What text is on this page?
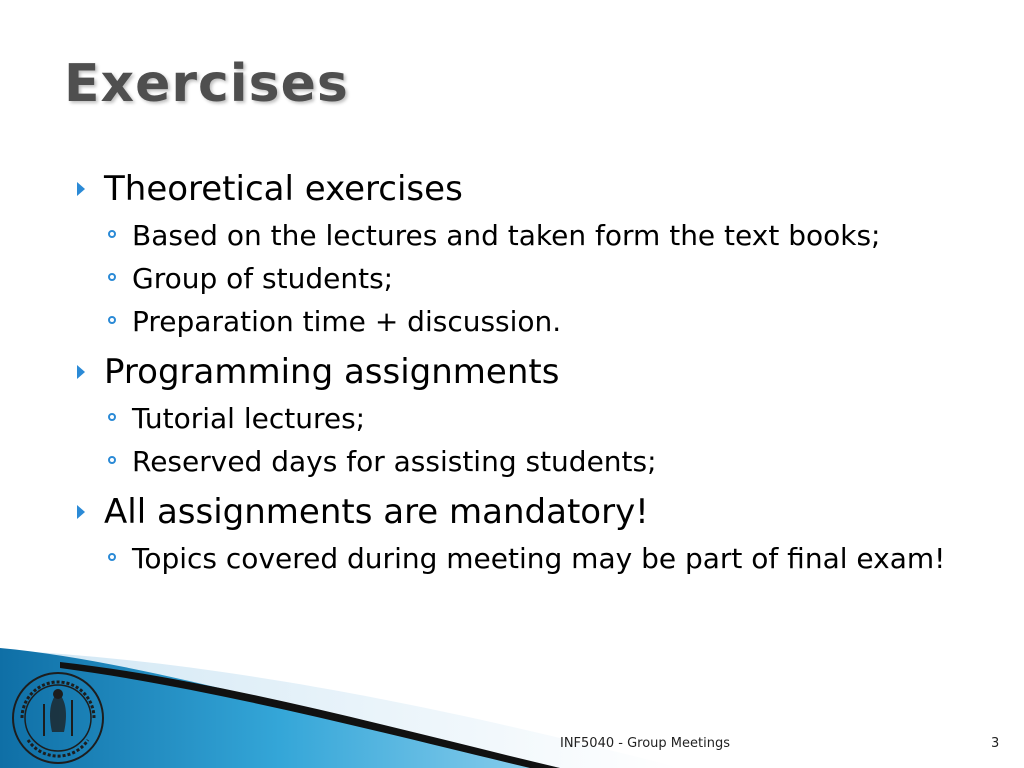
Exercises
Theoretical exercises
Based on the lectures and taken form the text books;
Group of students;
Preparation time + discussion.
Programming assignments
Tutorial lectures;
Reserved days for assisting students;
All assignments are mandatory!
Topics covered during meeting may be part of final exam!
INF5040 - Group Meetings	3
